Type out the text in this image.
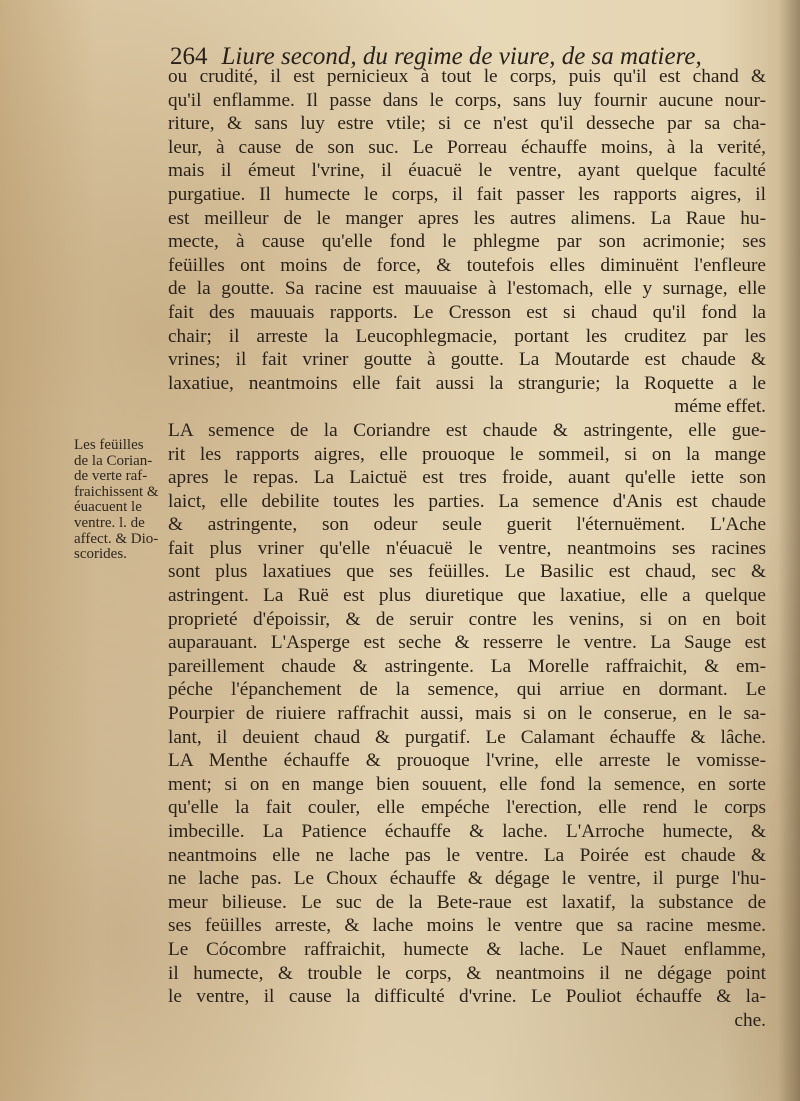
264 Liure second, du regime de viure, de sa matiere,
Les feüilles
de la Corian-
de verte raf-
fraichissent &
éuacuent le
ventre. l. de
affect. & Dio-
scorides.
ou crudité, il est pernicieux à tout le corps, puis qu'il est chand &
qu'il enflamme. Il passe dans le corps, sans luy fournir aucune nour-
riture, & sans luy estre vtile; si ce n'est qu'il desseche par sa cha-
leur, à cause de son suc. Le Porreau échauffe moins, à la verité,
mais il émeut l'vrine, il éuacuë le ventre, ayant quelque faculté
purgatiue. Il humecte le corps, il fait passer les rapports aigres, il
est meilleur de le manger apres les autres alimens. La Raue hu-
mecte, à cause qu'elle fond le phlegme par son acrimonie; ses
feüilles ont moins de force, & toutefois elles diminuënt l'enfleure
de la goutte. Sa racine est mauuaise à l'estomach, elle y surnage, elle
fait des mauuais rapports. Le Cresson est si chaud qu'il fond la
chair; il arreste la Leucophlegmacie, portant les cruditez par les
vrines; il fait vriner goutte à goutte. La Moutarde est chaude &
laxatiue, neantmoins elle fait aussi la strangurie; la Roquette a le
méme effet.
LA semence de la Coriandre est chaude & astringente, elle gue-
rit les rapports aigres, elle prouoque le sommeil, si on la mange
apres le repas. La Laictuë est tres froide, auant qu'elle iette son
laict, elle debilite toutes les parties. La semence d'Anis est chaude
& astringente, son odeur seule guerit l'éternuëment. L'Ache
fait plus vriner qu'elle n'éuacuë le ventre, neantmoins ses racines
sont plus laxatiues que ses feüilles. Le Basilic est chaud, sec &
astringent. La Ruë est plus diuretique que laxatiue, elle a quelque
proprieté d'époissir, & de seruir contre les venins, si on en boit
auparauant. L'Asperge est seche & resserre le ventre. La Sauge est
pareillement chaude & astringente. La Morelle raffraichit, & em-
péche l'épanchement de la semence, qui arriue en dormant. Le
Pourpier de riuiere raffrachit aussi, mais si on le conserue, en le sa-
lant, il deuient chaud & purgatif. Le Calamant échauffe & lâche.
LA Menthe échauffe & prouoque l'vrine, elle arreste le vomisse-
ment; si on en mange bien souuent, elle fond la semence, en sorte
qu'elle la fait couler, elle empéche l'erection, elle rend le corps
imbecille. La Patience échauffe & lache. L'Arroche humecte, &
neantmoins elle ne lache pas le ventre. La Poirée est chaude &
ne lache pas. Le Choux échauffe & dégage le ventre, il purge l'hu-
meur bilieuse. Le suc de la Bete-raue est laxatif, la substance de
ses feüilles arreste, & lache moins le ventre que sa racine mesme.
Le Cócombre raffraichit, humecte & lache. Le Nauet enflamme,
il humecte, & trouble le corps, & neantmoins il ne dégage point
le ventre, il cause la difficulté d'vrine. Le Pouliot échauffe & la-
che.
